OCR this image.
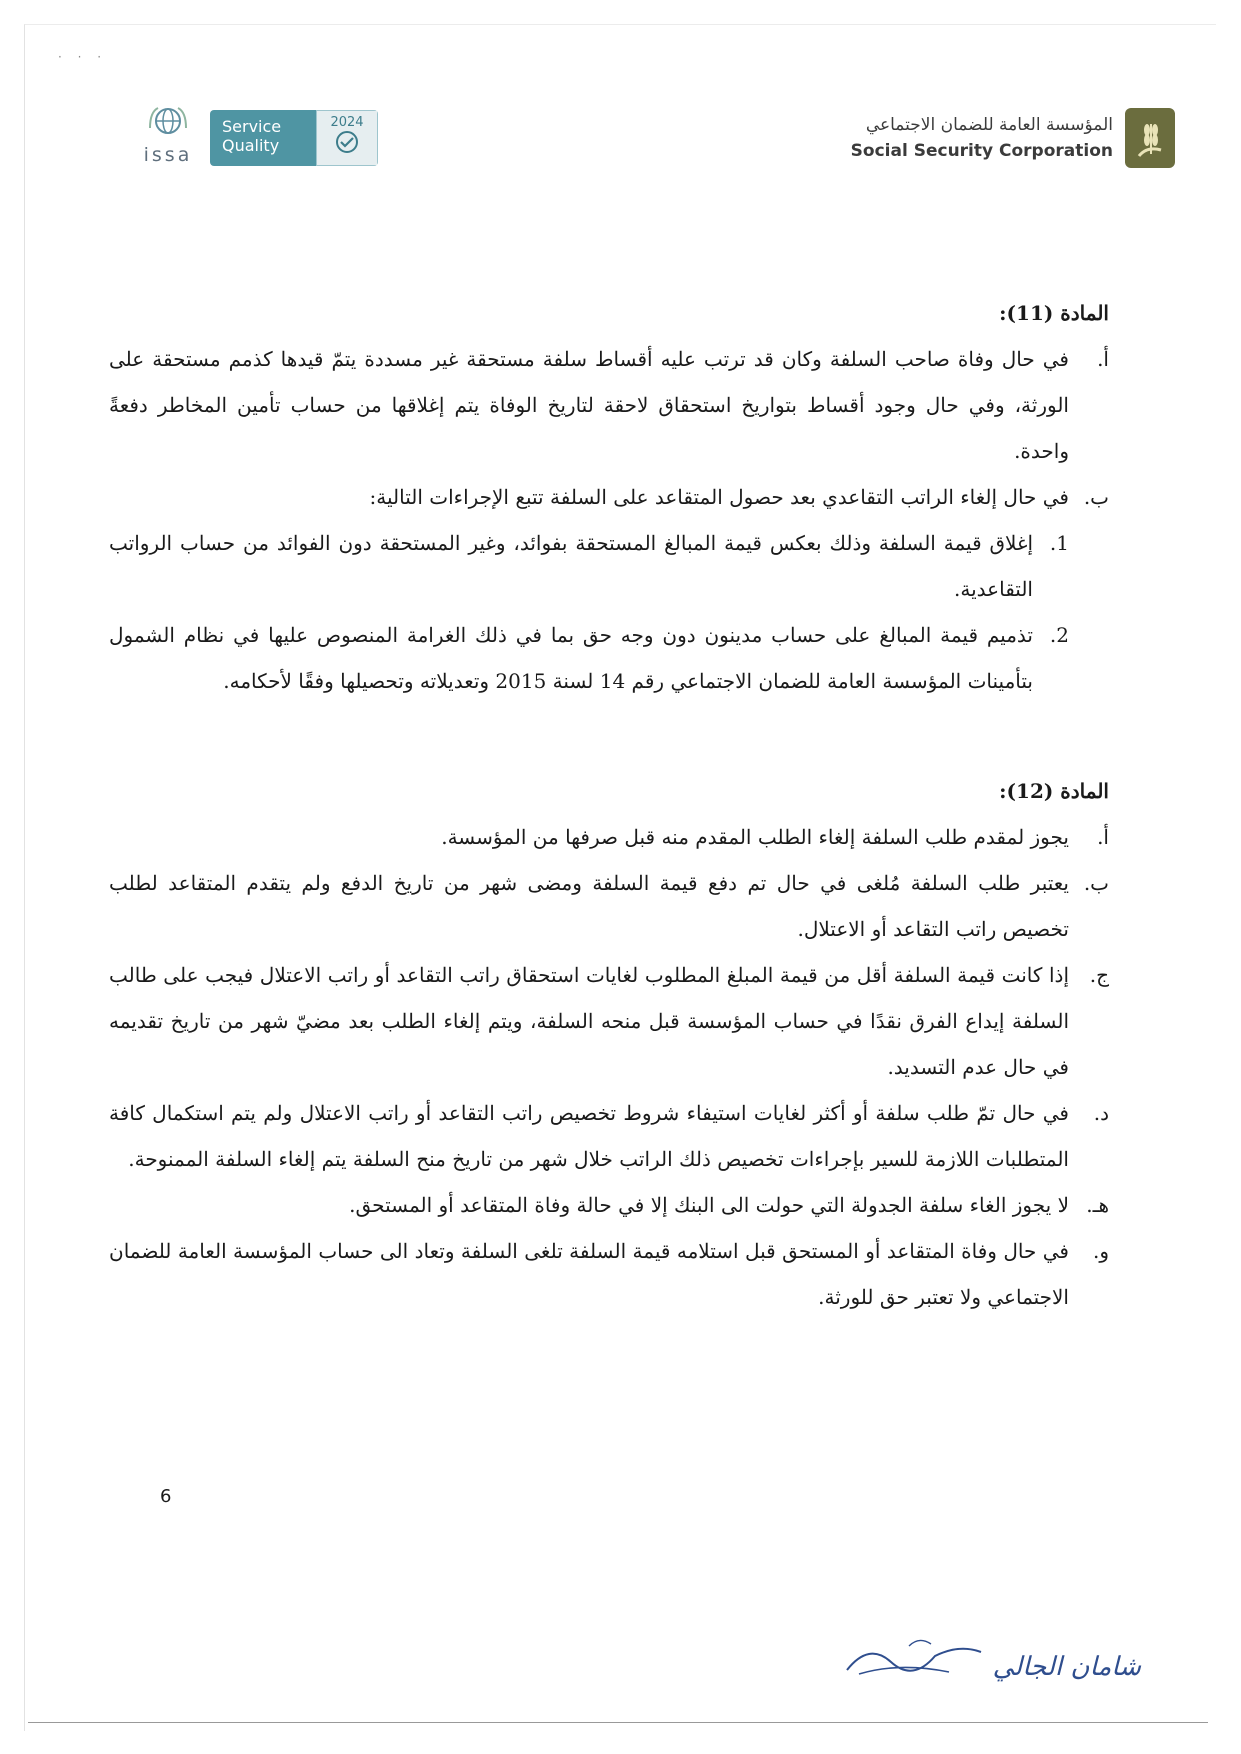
· · ·
المؤسسة العامة للضمان الاجتماعي
Social Security Corporation
issa
Service
Quality
2024

المادة (11):

أ.
في حال وفاة صاحب السلفة وكان قد ترتب عليه أقساط سلفة مستحقة غير مسددة يتمّ قيدها كذمم مستحقة على الورثة، وفي حال وجود أقساط بتواريخ استحقاق لاحقة لتاريخ الوفاة يتم إغلاقها من حساب تأمين المخاطر دفعةً واحدة.
ب.
في حال إلغاء الراتب التقاعدي بعد حصول المتقاعد على السلفة تتبع الإجراءات التالية:
1.
إغلاق قيمة السلفة وذلك بعكس قيمة المبالغ المستحقة بفوائد، وغير المستحقة دون الفوائد من حساب الرواتب التقاعدية.
2.
تذميم قيمة المبالغ على حساب مدينون دون وجه حق بما في ذلك الغرامة المنصوص عليها في نظام الشمول بتأمينات المؤسسة العامة للضمان الاجتماعي رقم 14 لسنة 2015 وتعديلاته وتحصيلها وفقًا لأحكامه.

المادة (12):

أ.
يجوز لمقدم طلب السلفة إلغاء الطلب المقدم منه قبل صرفها من المؤسسة.
ب.
يعتبر طلب السلفة مُلغى في حال تم دفع قيمة السلفة ومضى شهر من تاريخ الدفع ولم يتقدم المتقاعد لطلب تخصيص راتب التقاعد أو الاعتلال.
ج.
إذا كانت قيمة السلفة أقل من قيمة المبلغ المطلوب لغايات استحقاق راتب التقاعد أو راتب الاعتلال فيجب على طالب السلفة إيداع الفرق نقدًا في حساب المؤسسة قبل منحه السلفة، ويتم إلغاء الطلب بعد مضيّ شهر من تاريخ تقديمه في حال عدم التسديد.
د.
في حال تمّ طلب سلفة أو أكثر لغايات استيفاء شروط تخصيص راتب التقاعد أو راتب الاعتلال ولم يتم استكمال كافة المتطلبات اللازمة للسير بإجراءات تخصيص ذلك الراتب خلال شهر من تاريخ منح السلفة يتم إلغاء السلفة الممنوحة.
هـ.
لا يجوز الغاء سلفة الجدولة التي حولت الى البنك إلا في حالة وفاة المتقاعد أو المستحق.
و.
في حال وفاة المتقاعد أو المستحق قبل استلامه قيمة السلفة تلغى السلفة وتعاد الى حساب المؤسسة العامة للضمان الاجتماعي ولا تعتبر حق للورثة.
6
شامان الجالي
